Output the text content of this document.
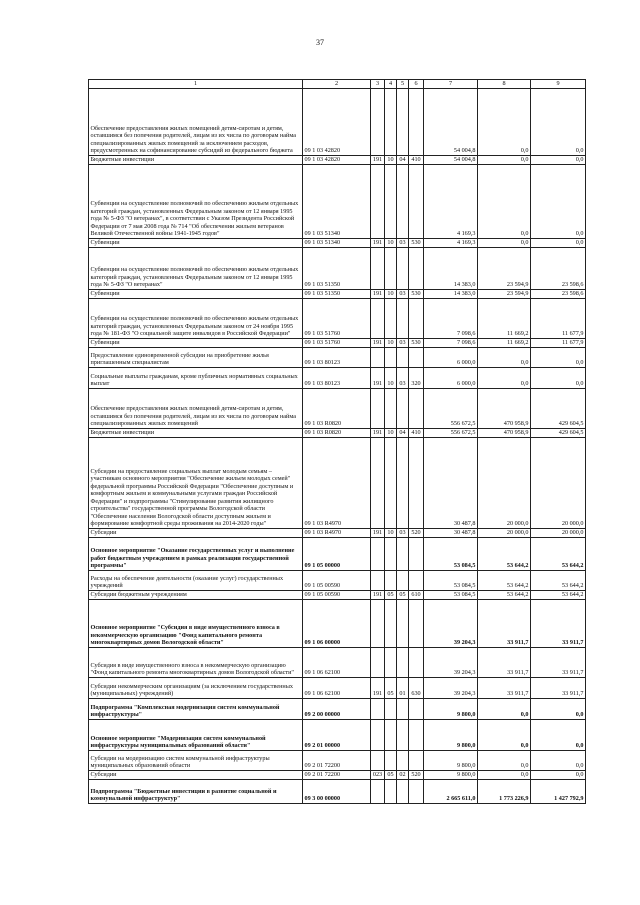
37
1	2	3	4	5	6	7	8	9
Обеспечение предоставления жилых помещений детям-сиротам и детям, оставшимся без попечения родителей, лицам из их числа по договорам найма специализированных жилых помещений за исключением расходов, предусмотренных на софинансирование субсидий из федерального бюджета	09 1 03 42820					54 004,8	0,0	0,0
Бюджетные инвестиции	09 1 03 42820	191	10	04	410	54 004,8	0,0	0,0
Субвенции на осуществление полномочий по обеспечению жильем отдельных категорий граждан, установленных Федеральным законом от 12 января 1995 года № 5-ФЗ "О ветеранах", в соответствии с Указом Президента Российской Федерации от 7 мая 2008 года № 714 "Об обеспечении жильем ветеранов Великой Отечественной войны 1941-1945 годов"	09 1 03 51340					4 169,3	0,0	0,0
Субвенции	09 1 03 51340	191	10	03	530	4 169,3	0,0	0,0
Субвенции на осуществление полномочий по обеспечению жильем отдельных категорий граждан, установленных Федеральным законом от 12 января 1995 года № 5-ФЗ "О ветеранах"	09 1 03 51350					14 383,0	23 594,9	23 598,6
Субвенции	09 1 03 51350	191	10	03	530	14 383,0	23 594,9	23 598,6
Субвенции на осуществление полномочий по обеспечению жильем отдельных категорий граждан, установленных Федеральным законом от 24 ноября 1995 года № 181-ФЗ "О социальной защите инвалидов в Российской Федерации"	09 1 03 51760					7 098,6	11 669,2	11 677,9
Субвенции	09 1 03 51760	191	10	03	530	7 098,6	11 669,2	11 677,9
Предоставление единовременной субсидии на приобретение жилья приглашенным специалистам	09 1 03 80123					6 000,0	0,0	0,0
Социальные выплаты гражданам, кроме публичных нормативных социальных выплат	09 1 03 80123	191	10	03	320	6 000,0	0,0	0,0
Обеспечение предоставления жилых помещений детям-сиротам и детям, оставшимся без попечения родителей, лицам из их числа по договорам найма специализированных жилых помещений	09 1 03 R0820					556 672,5	470 958,9	429 604,5
Бюджетные инвестиции	09 1 03 R0820	191	10	04	410	556 672,5	470 958,9	429 604,5
Субсидии на предоставление социальных выплат молодым семьям – участникам основного мероприятия "Обеспечение жильем молодых семей" федеральной программы Российской Федерации "Обеспечение доступным и комфортным жильем и коммунальными услугами граждан Российской Федерации" и подпрограммы "Стимулирование развития жилищного строительства" государственной программы Вологодской области "Обеспечение населения Вологодской области доступным жильем и формирование комфортной среды проживания на 2014-2020 годы"	09 1 03 R4970					30 487,8	20 000,0	20 000,0
Субсидии	09 1 03 R4970	191	10	03	520	30 487,8	20 000,0	20 000,0
Основное мероприятие "Оказание государственных услуг и выполнение работ бюджетным учреждением в рамках реализации государственной программы"	09 1 05 00000					53 084,5	53 644,2	53 644,2
Расходы на обеспечение деятельности (оказание услуг) государственных учреждений	09 1 05 00590					53 084,5	53 644,2	53 644,2
Субсидии бюджетным учреждениям	09 1 05 00590	191	05	05	610	53 084,5	53 644,2	53 644,2
Основное мероприятие "Субсидия в виде имущественного взноса в некоммерческую организацию "Фонд капитального ремонта многоквартирных домов Вологодской области"	09 1 06 00000					39 204,3	33 911,7	33 911,7
Субсидия в виде имущественного взноса в некоммерческую организацию "Фонд капитального ремонта многоквартирных домов Вологодской области"	09 1 06 62100					39 204,3	33 911,7	33 911,7
Субсидии некоммерческим организациям (за исключением государственных (муниципальных) учреждений)	09 1 06 62100	191	05	01	630	39 204,3	33 911,7	33 911,7
Подпрограмма "Комплексная модернизация систем коммунальной инфраструктуры"	09 2 00 00000					9 800,0	0,0	0,0
Основное мероприятие "Модернизация систем коммунальной инфраструктуры муниципальных образований области"	09 2 01 00000					9 800,0	0,0	0,0
Субсидии на модернизацию систем коммунальной инфраструктуры муниципальных образований области	09 2 01 72200					9 800,0	0,0	0,0
Субсидии	09 2 01 72200	023	05	02	520	9 800,0	0,0	0,0
Подпрограмма "Бюджетные инвестиции в развитие социальной и коммунальной инфраструктур"	09 3 00 00000					2 665 611,0	1 773 226,9	1 427 792,9
